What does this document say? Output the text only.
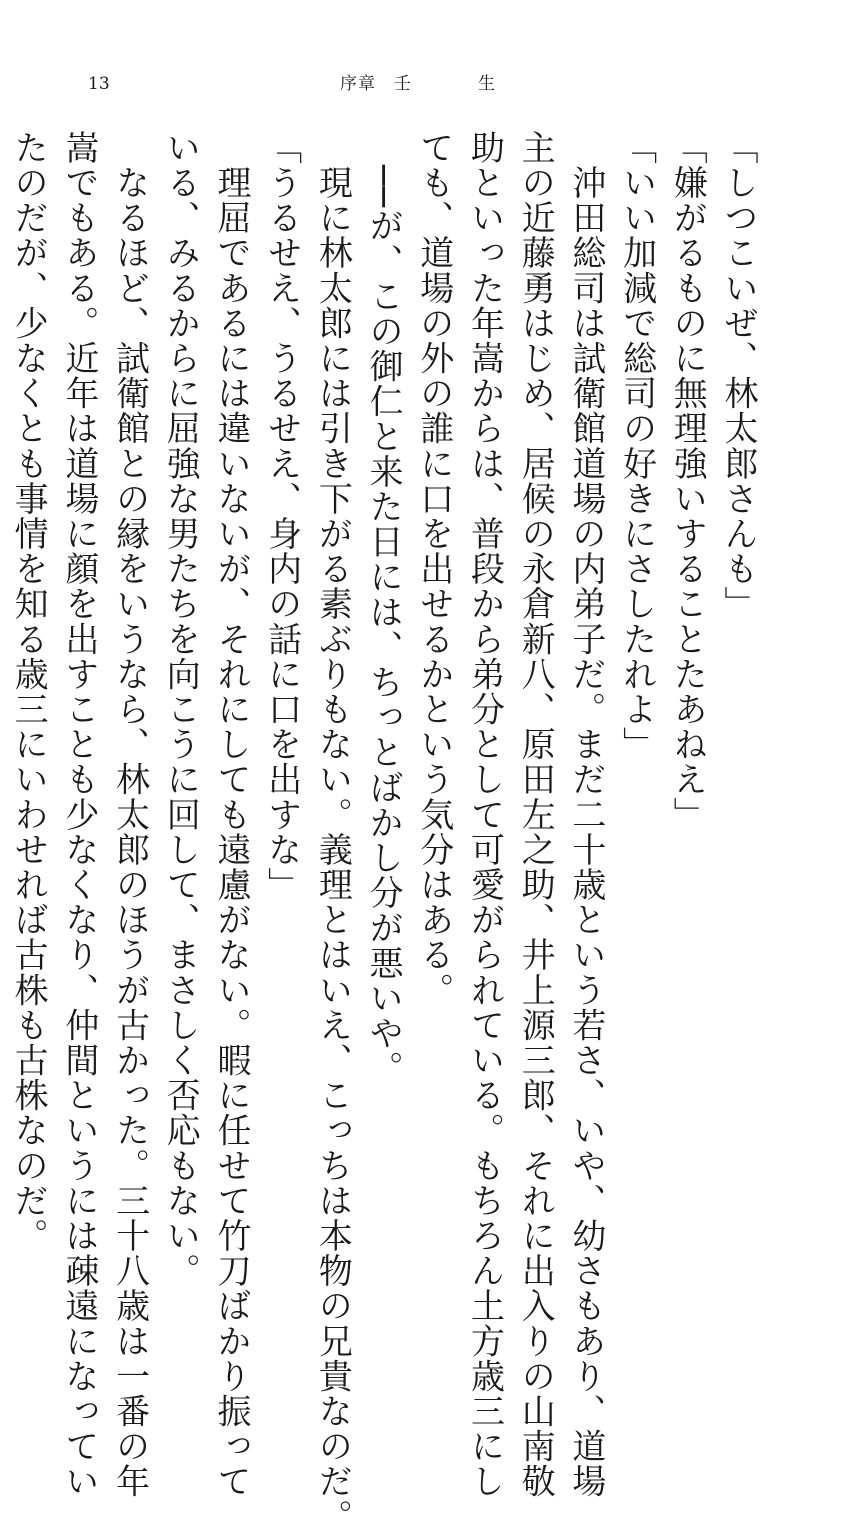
13	序章　 壬	生
「しつこいぜ、林太郎さんも」
「嫌がるものに無理強いすることたあねえ」
「いい加減で総司の好きにさしたれよ」
　沖田総司は試衛館道場の内弟子だ。まだ二十歳という若さ、いや、幼さもあり、道場
主の近藤勇はじめ、居候の永倉新八、原田左之助、井上源三郎、それに出入りの山南敬
助といった年嵩からは、普段から弟分として可愛がられている。もちろん土方歳三にし
ても、道場の外の誰に口を出せるかという気分はある。
　──が、この御仁と来た日には、ちっとばかし分が悪いや。
　現に林太郎には引き下がる素ぶりもない。義理とはいえ、こっちは本物の兄貴なのだ。
「うるせえ、うるせえ、身内の話に口を出すな」
　理屈であるには違いないが、それにしても遠慮がない。暇に任せて竹刀ばかり振って
いる、みるからに屈強な男たちを向こうに回して、まさしく否応もない。
　なるほど、試衛館との縁をいうなら、林太郎のほうが古かった。三十八歳は一番の年
嵩でもある。近年は道場に顔を出すことも少なくなり、仲間というには疎遠になってい
たのだが、少なくとも事情を知る歳三にいわせれば古株も古株なのだ。
